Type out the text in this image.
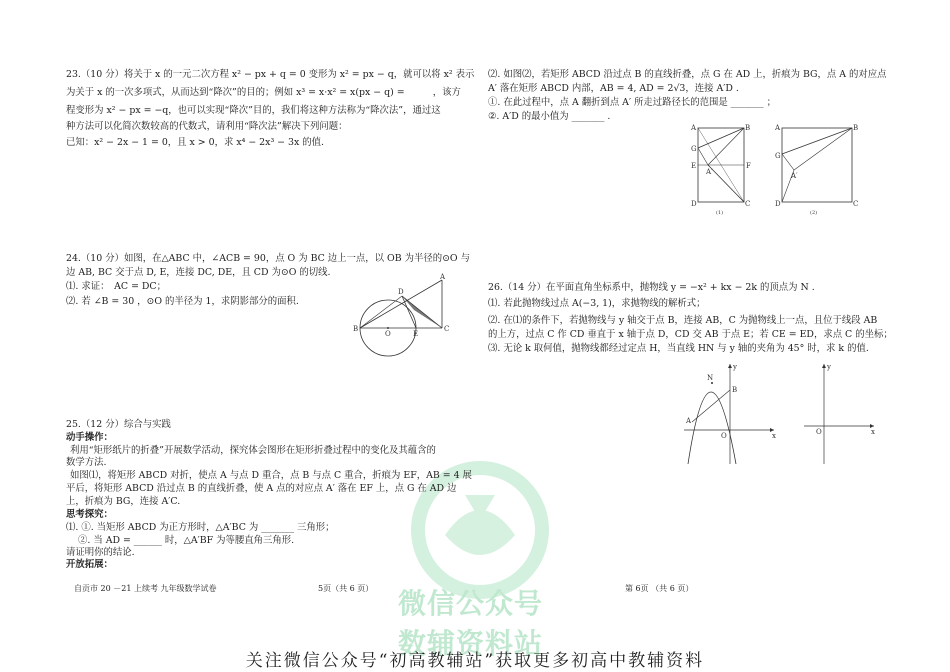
微信公众号
数辅资料站
23.（10 分）将关于 x 的一元二次方程 x² − px + q = 0 变形为 x² = px − q，就可以将 x² 表示
为关于 x 的一次多项式，从而达到“降次”的目的；例如 x³ = x·x² = x(px − q) =　　　，该方
程变形为 x² − px = −q，也可以实现“降次”目的，我们将这种方法称为“降次法”，通过这
种方法可以化简次数较高的代数式，请利用“降次法”解决下列问题：
已知：x² − 2x − 1 = 0，且 x > 0，求 x⁴ − 2x³ − 3x 的值.
24.（10 分）如图，在△ABC 中，∠ACB = 90，点 O 为 BC 边上一点，以 OB 为半径的⊙O 与
边 AB, BC 交于点 D, E，连接 DC, DE，且 CD 为⊙O 的切线.
⑴. 求证：　AC = DC；
⑵. 若 ∠B = 30 ，⊙O 的半径为 1，求阴影部分的面积.
A
B	C
D
E
O
25.（12 分）综合与实践
动手操作：
利用“矩形纸片的折叠”开展数学活动，探究体会图形在矩形折叠过程中的变化及其蕴含的
数学方法.
如图⑴，将矩形 ABCD 对折，使点 A 与点 D 重合，点 B 与点 C 重合，折痕为 EF，AB = 4 展
平后，将矩形 ABCD 沿过点 B 的直线折叠，使 A 点的对应点 A′ 落在 EF 上，点 G 在 AD 边
上，折痕为 BG，连接 A′C.
思考探究：
⑴. ①. 当矩形 ABCD 为正方形时，△A′BC 为 _______ 三角形；
②. 当 AD = ______ 时，△A′BF 为等腰直角三角形.
请证明你的结论.
开放拓展：
自贡市 20 －21 上续考 九年级数学试卷	5页（共 6 页）
⑵. 如图⑵，若矩形 ABCD 沿过点 B 的直线折叠，点 G 在 AD 上，折痕为 BG，点 A 的对应点
A′ 落在矩形 ABCD 内部，AB = 4, AD = 2√3，连接 A′D .
①. 在此过程中，点 A 翻折到点 A′ 所走过路径长的范围是 _______ ；
②. A′D 的最小值为 _______ .
A	B
C
D
E	F
G
A′
(1)
A	B
C
D
G
A′
(2)
26.（14 分）在平面直角坐标系中，抛物线 y = −x² + kx − 2k 的顶点为 N .
⑴. 若此抛物线过点 A(−3, 1)，求抛物线的解析式；
⑵. 在⑴的条件下，若抛物线与 y 轴交于点 B，连接 AB，C 为抛物线上一点，且位于线段 AB
的上方，过点 C 作 CD 垂直于 x 轴于点 D，CD 交 AB 于点 E；若 CE = ED，求点 C 的坐标；
⑶. 无论 k 取何值，抛物线都经过定点 H，当直线 HN 与 y 轴的夹角为 45° 时，求 k 的值.
N
A
B
O	x
y
O	x
y
第 6页 （共 6 页）
关注微信公众号“初高教辅站”获取更多初高中教辅资料
